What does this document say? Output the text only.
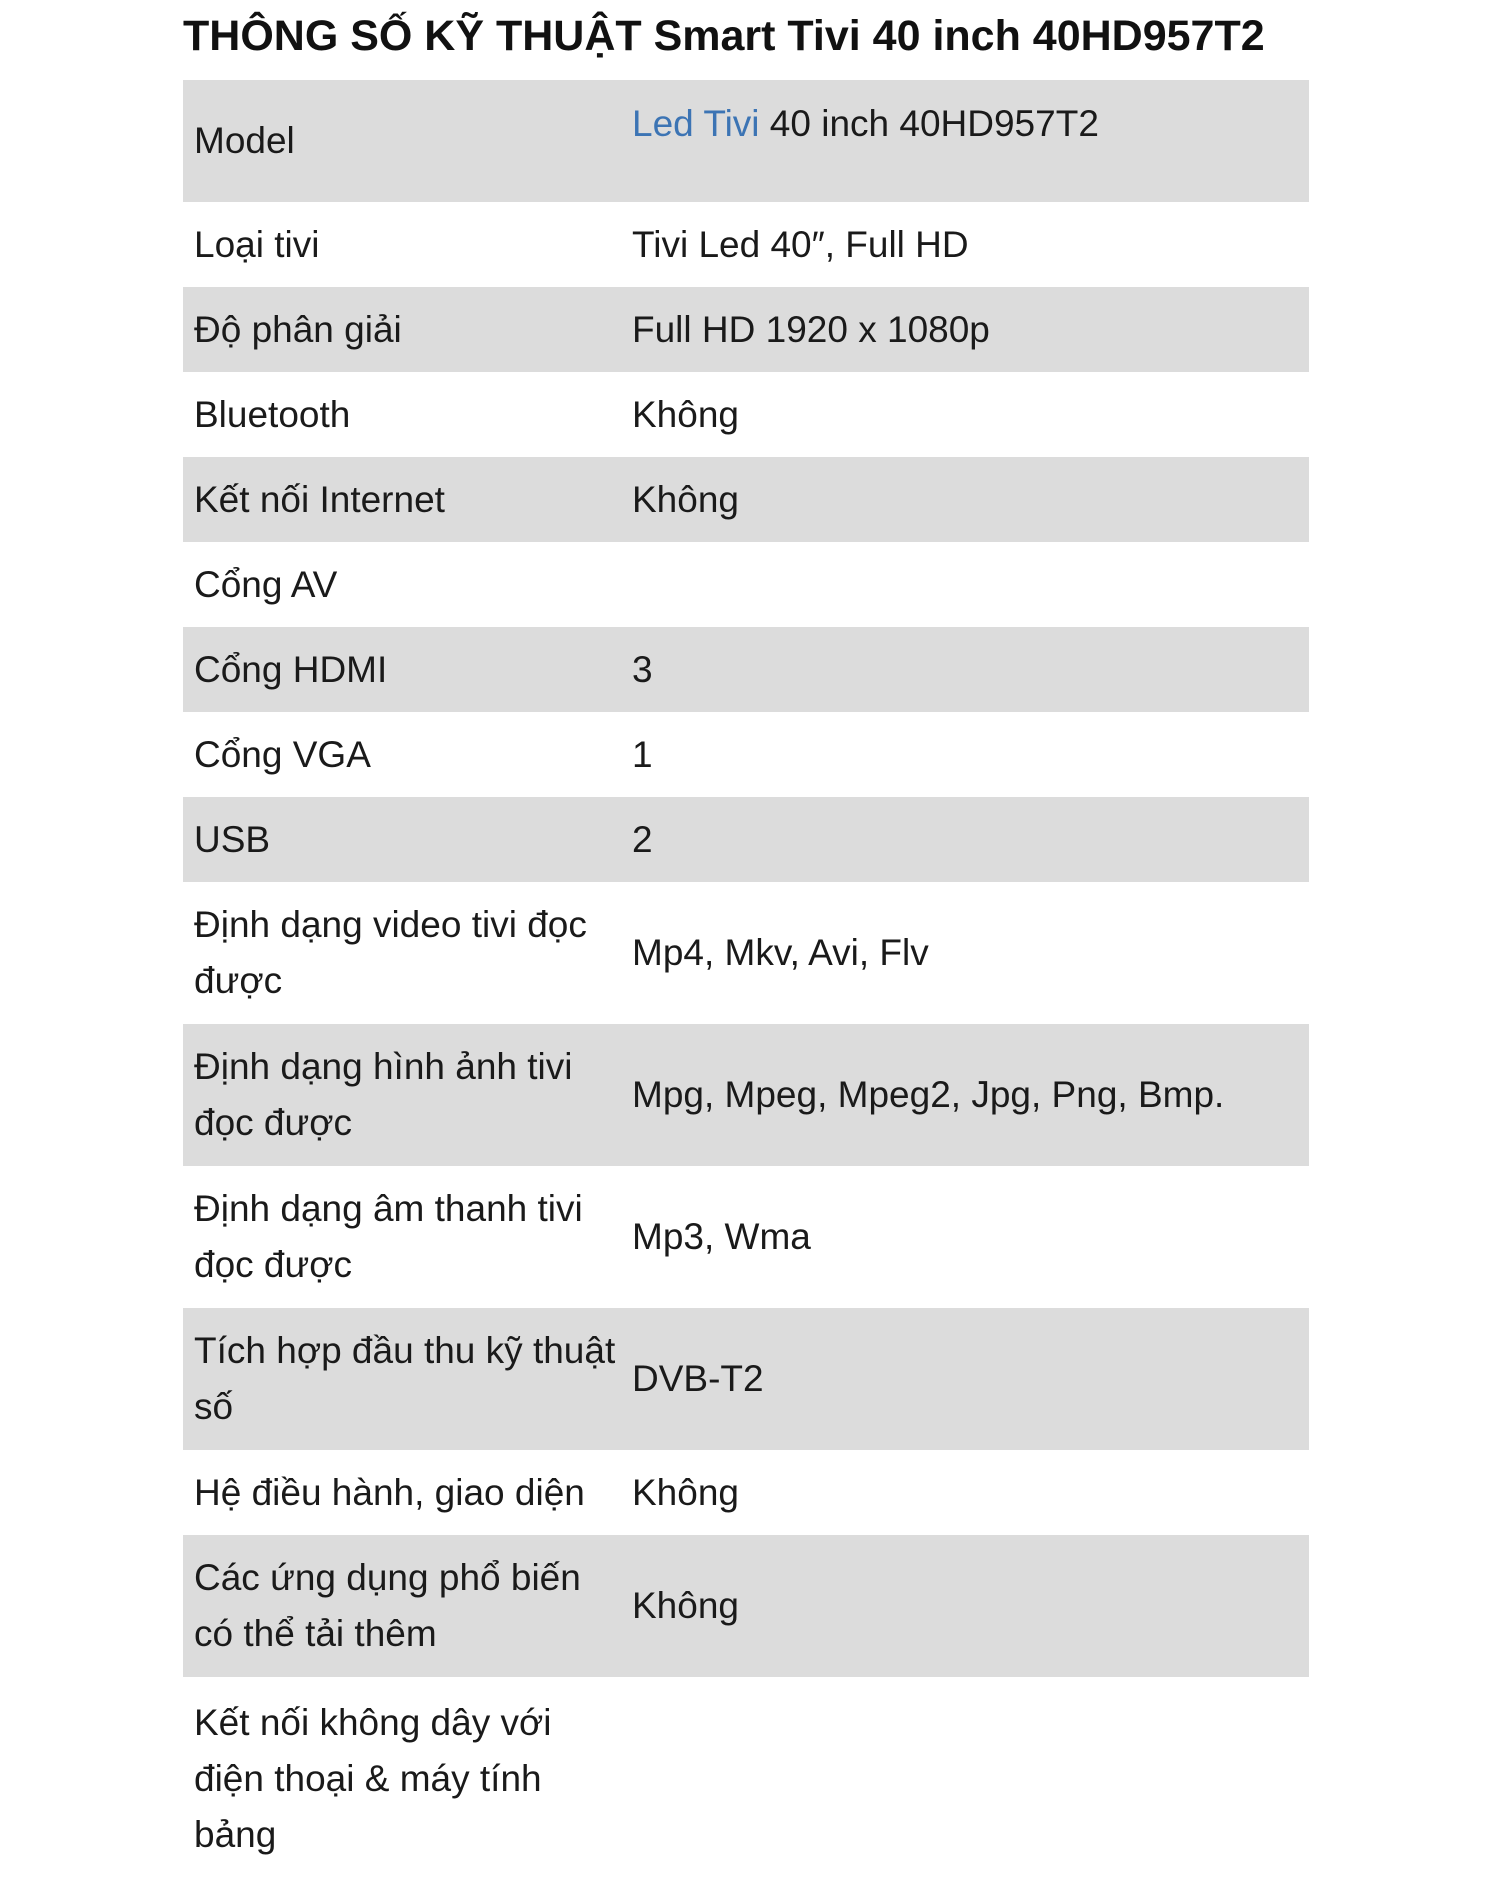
THÔNG SỐ KỸ THUẬT Smart Tivi 40 inch 40HD957T2
Model	Led Tivi 40 inch 40HD957T2
Loại tivi	Tivi Led 40″, Full HD
Độ phân giải	Full HD 1920 x 1080p
Bluetooth	Không
Kết nối Internet	Không
Cổng AV	
Cổng HDMI	3
Cổng VGA	1
USB	2
Định dạng video tivi đọc được	Mp4, Mkv, Avi, Flv
Định dạng hình ảnh tivi đọc được	Mpg, Mpeg, Mpeg2, Jpg, Png, Bmp.
Định dạng âm thanh tivi đọc được	Mp3, Wma
Tích hợp đầu thu kỹ thuật số	DVB-T2
Hệ điều hành, giao diện	Không
Các ứng dụng phổ biến có thể tải thêm	Không
Kết nối không dây với điện thoại & máy tính bảng	
